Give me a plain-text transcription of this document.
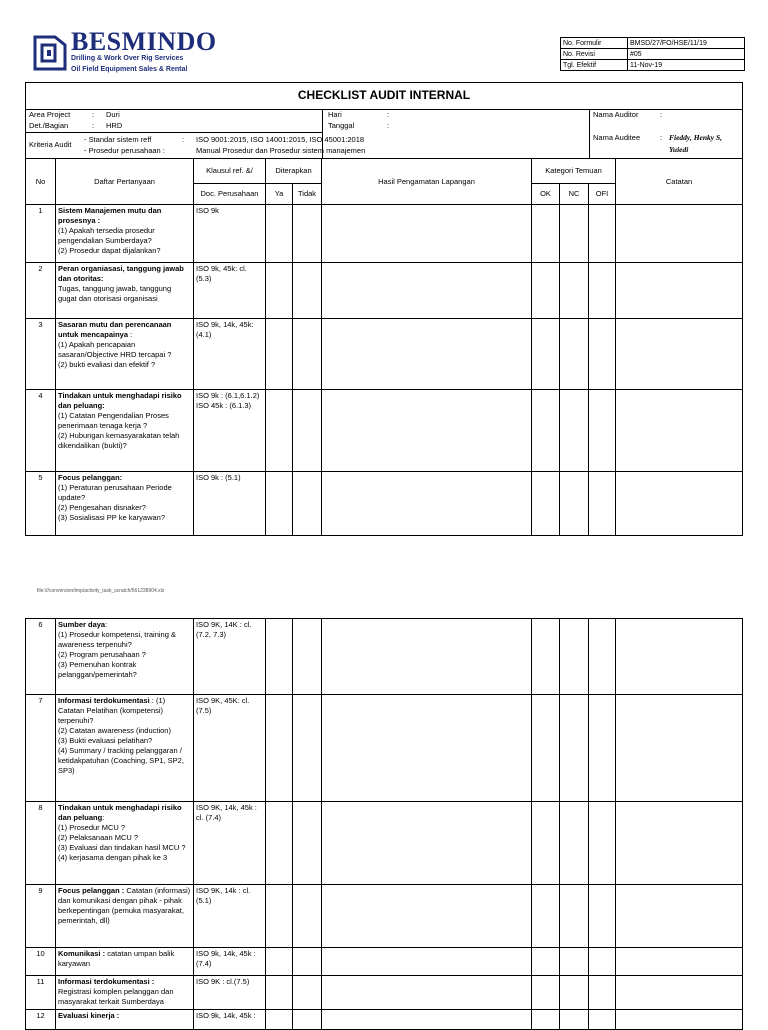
BESMINDO
Drilling & Work Over Rig Services
Oil Field Equipment Sales & Rental
No. Formulir	BMSD/27/FO/HSE/11/19
No. Revisi	#05
Tgl. Efektif	11-Nov-19
CHECKLIST AUDIT INTERNAL
Area Project	: Duri
Det./Bagian	: HRD
Kriteria Audit
- Standar sistem reff	: ISO 9001:2015, ISO 14001:2015, ISO 45001:2018
- Prosedur perusahaan :	Manual Prosedur dan Prosedur sistem manajemen
Hari	:
Tanggal	:
Nama Auditor	:
Nama Auditee	: Fieddy, Henky S,
Yuiedi
No	Daftar Pertanyaan	Klausul ref. &/	Diterapkan		Hasil Pengamatan Lapangan	Kategori Temuan			Catatan
		Doc. Perusahaan	Ya	Tidak		OK	NC	OFI	
1	Sistem Manajemen mutu dan prosesnya :
(1) Apakah tersedia prosedur pengendalian Sumberdaya?
(2) Prosedur dapat dijalankan?	ISO 9k							
2	Peran organiasasi, tanggung jawab dan otoritas:
Tugas, tanggung jawab, tanggung gugat dan otorisasi organisasi	ISO 9k, 45k: cl. (5.3)							
3	Sasaran mutu dan perencanaan untuk mencapainya :
(1) Apakah pencapaian sasaran/Objective HRD tercapai ?
(2) bukti evaliasi dan efektif ?	ISO 9k, 14k, 45k: (4.1)							
4	Tindakan untuk menghadapi risiko dan peluang:
(1) Catatan Pengendalian Proses penerimaan tenaga kerja ?
(2) Hubungan kemasyarakatan telah dikendalikan (bukti)?	ISO 9k : (6.1,6.1.2) ISO 45k : (6.1.3)							
5	Focus pelanggan:
(1) Peraturan perusahaan Periode update?
(2) Pengesahan disnaker?
(3) Sosialisasi PP ke karyawan?	ISO 9k : (5.1)							
file:///conversion/tmp/activity_task_scratch/561238904.xls
6	Sumber daya:
(1) Prosedur kompetensi, training & awareness terpenuhi?
(2) Program perusahaan ?
(3) Pemenuhan kontrak pelanggan/pemerintah?	ISO 9K, 14K : cl. (7.2, 7.3)							
7	Informasi terdokumentasi : (1) Catatan Pelatihan (kompetensi) terpenuhi?
(2) Catatan awareness (induction)
(3) Bukti evaluasi pelatihan?
(4) Summary / tracking pelanggaran / ketidakpatuhan (Coaching, SP1, SP2, SP3)	ISO 9K, 45K: cl. (7.5)							
8	Tindakan untuk menghadapi risiko dan peluang:
(1) Prosedur MCU ?
(2) Pelaksanaan MCU ?
(3) Evaluasi dan tindakan hasil MCU ?
(4) kerjasama dengan pihak ke 3	ISO 9K, 14k, 45k : cl. (7.4)							
9	Focus pelanggan : Catatan (informasi) dan komunikasi dengan pihak - pihak berkepentingan (pemuka masyarakat, pemerintah, dll)	ISO 9K, 14k : cl. (5.1)							
10	Komunikasi : catatan umpan balik karyawan	ISO 9k, 14k, 45k : (7.4)							
11	Informasi terdokumentasi :
Registrasi komplen pelanggan dan masyarakat terkait Sumberdaya	ISO 9K : cl.(7.5)							
12	Evaluasi kinerja :	ISO 9k, 14k, 45k :							
